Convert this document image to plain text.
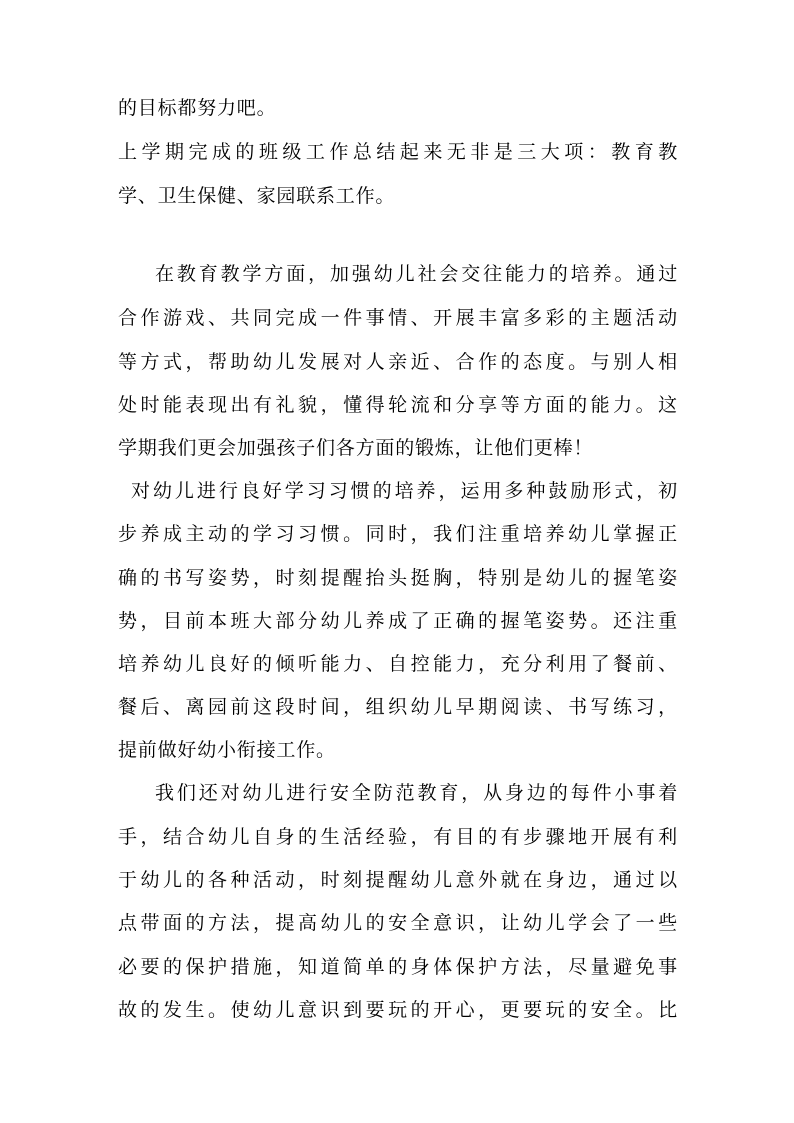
的目标都努力吧。
上学期完成的班级工作总结起来无非是三大项：教育教
学、卫生保健、家园联系工作。
在教育教学方面，加强幼儿社会交往能力的培养。通过
合作游戏、共同完成一件事情、开展丰富多彩的主题活动
等方式，帮助幼儿发展对人亲近、合作的态度。与别人相
处时能表现出有礼貌，懂得轮流和分享等方面的能力。这
学期我们更会加强孩子们各方面的锻炼，让他们更棒！
对幼儿进行良好学习习惯的培养，运用多种鼓励形式，初
步养成主动的学习习惯。同时，我们注重培养幼儿掌握正
确的书写姿势，时刻提醒抬头挺胸，特别是幼儿的握笔姿
势，目前本班大部分幼儿养成了正确的握笔姿势。还注重
培养幼儿良好的倾听能力、自控能力，充分利用了餐前、
餐后、离园前这段时间，组织幼儿早期阅读、书写练习，
提前做好幼小衔接工作。
我们还对幼儿进行安全防范教育，从身边的每件小事着
手，结合幼儿自身的生活经验，有目的有步骤地开展有利
于幼儿的各种活动，时刻提醒幼儿意外就在身边，通过以
点带面的方法，提高幼儿的安全意识，让幼儿学会了一些
必要的保护措施，知道简单的身体保护方法，尽量避免事
故的发生。使幼儿意识到要玩的开心，更要玩的安全。比
